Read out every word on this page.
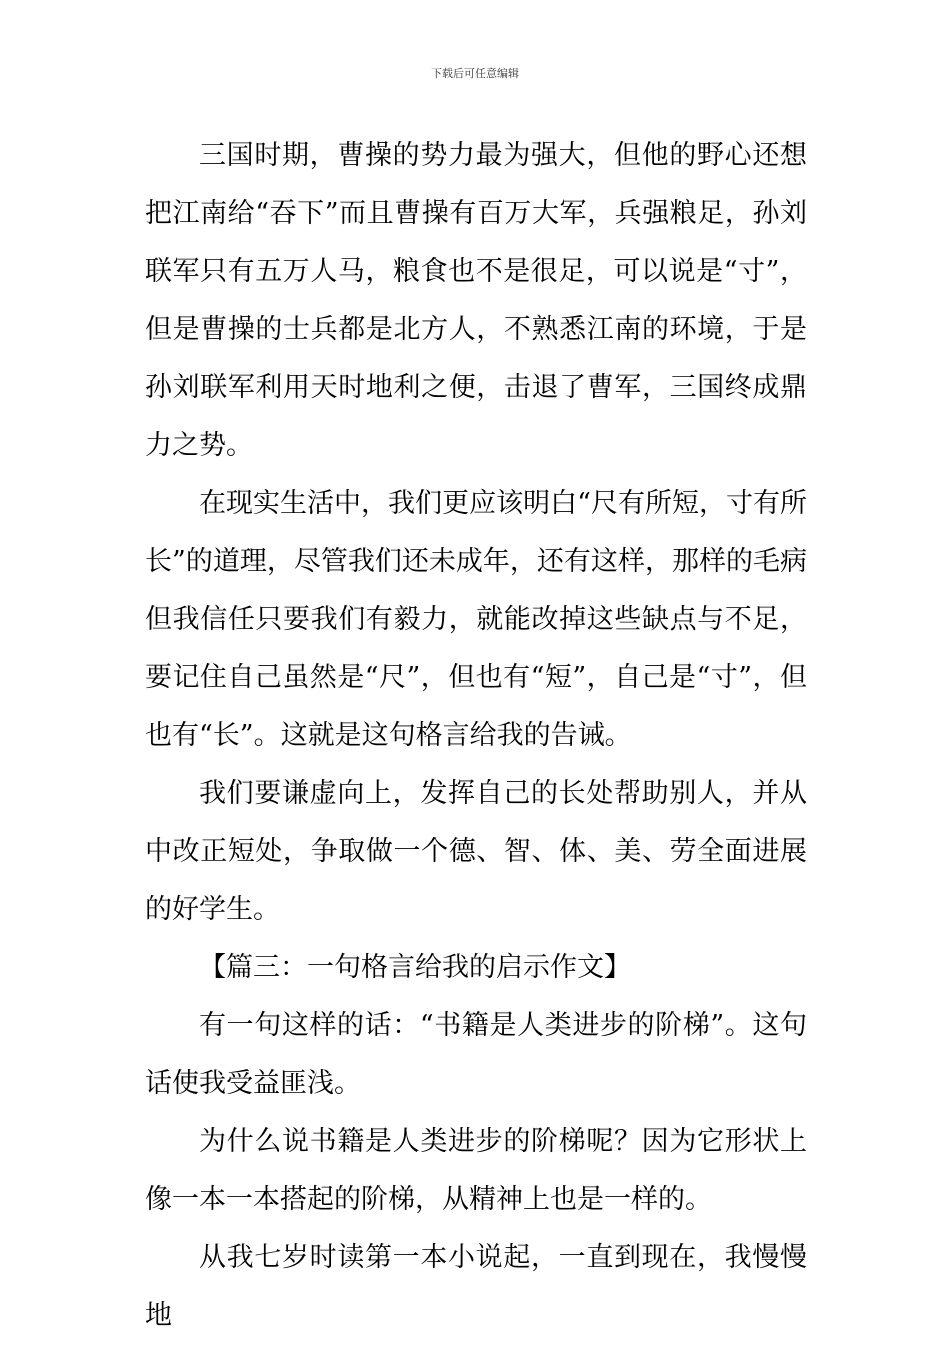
下载后可任意编辑

三国时期，曹操的势力最为强大，但他的野心还想把江南给“吞下”而且曹操有百万大军，兵强粮足，孙刘联军只有五万人马，粮食也不是很足，可以说是“寸”，但是曹操的士兵都是北方人，不熟悉江南的环境，于是孙刘联军利用天时地利之便，击退了曹军，三国终成鼎力之势。

在现实生活中，我们更应该明白“尺有所短，寸有所长”的道理，尽管我们还未成年，还有这样，那样的毛病但我信任只要我们有毅力，就能改掉这些缺点与不足，要记住自己虽然是“尺”，但也有“短”，自己是“寸”，但也有“长”。这就是这句格言给我的告诫。

我们要谦虚向上，发挥自己的长处帮助别人，并从中改正短处，争取做一个德、智、体、美、劳全面进展的好学生。

【篇三：一句格言给我的启示作文】

有一句这样的话：“书籍是人类进步的阶梯”。这句话使我受益匪浅。

为什么说书籍是人类进步的阶梯呢？因为它形状上像一本一本搭起的阶梯，从精神上也是一样的。

从我七岁时读第一本小说起，一直到现在，我慢慢地
